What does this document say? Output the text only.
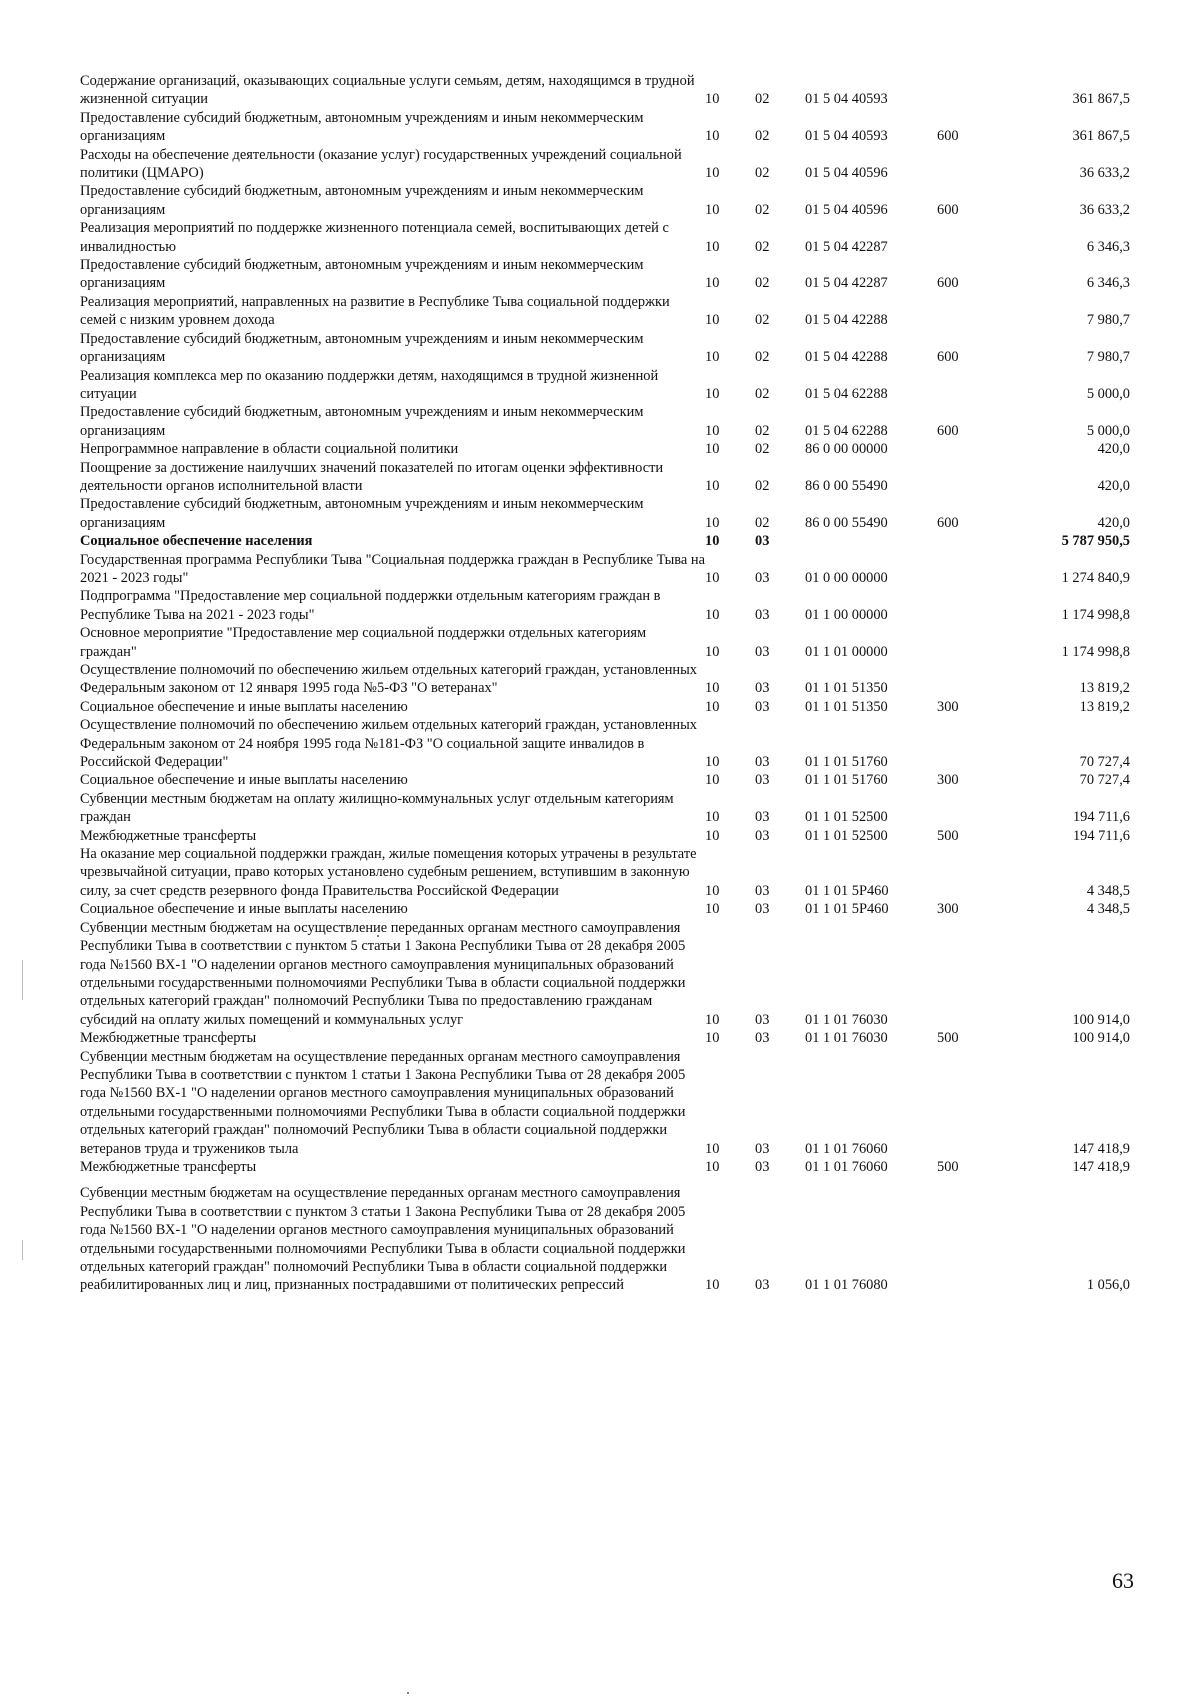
Содержание организаций, оказывающих социальные услуги семьям, детям, находящимся в трудной жизненной ситуации	10	02	01 5 04 40593		361 867,5
Предоставление субсидий бюджетным, автономным учреждениям и иным некоммерческим организациям	10	02	01 5 04 40593	600	361 867,5
Расходы на обеспечение деятельности (оказание услуг) государственных учреждений социальной политики (ЦМАРО)	10	02	01 5 04 40596		36 633,2
Предоставление субсидий бюджетным, автономным учреждениям и иным некоммерческим организациям	10	02	01 5 04 40596	600	36 633,2
Реализация мероприятий по поддержке жизненного потенциала семей, воспитывающих детей с инвалидностью	10	02	01 5 04 42287		6 346,3
Предоставление субсидий бюджетным, автономным учреждениям и иным некоммерческим организациям	10	02	01 5 04 42287	600	6 346,3
Реализация мероприятий, направленных на развитие в Республике Тыва социальной поддержки семей с низким уровнем дохода	10	02	01 5 04 42288		7 980,7
Предоставление субсидий бюджетным, автономным учреждениям и иным некоммерческим организациям	10	02	01 5 04 42288	600	7 980,7
Реализация комплекса мер по оказанию поддержки детям, находящимся в трудной жизненной ситуации	10	02	01 5 04 62288		5 000,0
Предоставление субсидий бюджетным, автономным учреждениям и иным некоммерческим организациям	10	02	01 5 04 62288	600	5 000,0
Непрограммное направление в области социальной политики	10	02	86 0 00 00000		420,0
Поощрение за достижение наилучших значений показателей по итогам оценки эффективности деятельности органов исполнительной власти	10	02	86 0 00 55490		420,0
Предоставление субсидий бюджетным, автономным учреждениям и иным некоммерческим организациям	10	02	86 0 00 55490	600	420,0
Социальное обеспечение населения	10	03			5 787 950,5
Государственная программа Республики Тыва "Социальная поддержка граждан в Республике Тыва на 2021 - 2023 годы"	10	03	01 0 00 00000		1 274 840,9
Подпрограмма "Предоставление мер социальной поддержки отдельным категориям граждан в Республике Тыва на 2021 - 2023 годы"	10	03	01 1 00 00000		1 174 998,8
Основное мероприятие "Предоставление мер социальной поддержки отдельных категориям граждан"	10	03	01 1 01 00000		1 174 998,8
Осуществление полномочий по обеспечению жильем отдельных категорий граждан, установленных Федеральным законом от 12 января 1995 года №5-ФЗ "О ветеранах"	10	03	01 1 01 51350		13 819,2
Социальное обеспечение и иные выплаты населению	10	03	01 1 01 51350	300	13 819,2
Осуществление полномочий по обеспечению жильем отдельных категорий граждан, установленных Федеральным законом от 24 ноября 1995 года №181-ФЗ "О социальной защите инвалидов в Российской Федерации"	10	03	01 1 01 51760		70 727,4
Социальное обеспечение и иные выплаты населению	10	03	01 1 01 51760	300	70 727,4
Субвенции местным бюджетам на оплату жилищно-коммунальных услуг отдельным категориям граждан	10	03	01 1 01 52500		194 711,6
Межбюджетные трансферты	10	03	01 1 01 52500	500	194 711,6
На оказание мер социальной поддержки граждан, жилые помещения которых утрачены в результате чрезвычайной ситуации, право которых установлено судебным решением, вступившим в законную силу, за счет средств резервного фонда Правительства Российской Федерации	10	03	01 1 01 5Р460		4 348,5
Социальное обеспечение и иные выплаты населению	10	03	01 1 01 5Р460	300	4 348,5
Субвенции местным бюджетам на осуществление переданных органам местного самоуправления Республики Тыва в соответствии с пунктом 5 статьи 1 Закона Республики Тыва от 28 декабря 2005 года №1560 ВХ-1 "О наделении органов местного самоуправления муниципальных образований отдельными государственными полномочиями Республики Тыва в области социальной поддержки отдельных категорий граждан" полномочий Республики Тыва по предоставлению гражданам субсидий на оплату жилых помещений и коммунальных услуг	10	03	01 1 01 76030		100 914,0
Межбюджетные трансферты	10	03	01 1 01 76030	500	100 914,0
Субвенции местным бюджетам на осуществление переданных органам местного самоуправления Республики Тыва в соответствии с пунктом 1 статьи 1 Закона Республики Тыва от 28 декабря 2005 года №1560 ВХ-1 "О наделении органов местного самоуправления муниципальных образований отдельными государственными полномочиями Республики Тыва в области социальной поддержки отдельных категорий граждан" полномочий Республики Тыва в области социальной поддержки ветеранов труда и тружеников тыла	10	03	01 1 01 76060		147 418,9
Межбюджетные трансферты	10	03	01 1 01 76060	500	147 418,9
Субвенции местным бюджетам на осуществление переданных органам местного самоуправления Республики Тыва в соответствии с пунктом 3 статьи 1 Закона Республики Тыва от 28 декабря 2005 года №1560 ВХ-1 "О наделении органов местного самоуправления муниципальных образований отдельными государственными полномочиями Республики Тыва в области социальной поддержки отдельных категорий граждан" полномочий Республики Тыва в области социальной поддержки реабилитированных лиц и лиц, признанных пострадавшими от политических репрессий	10	03	01 1 01 76080		1 056,0
63
